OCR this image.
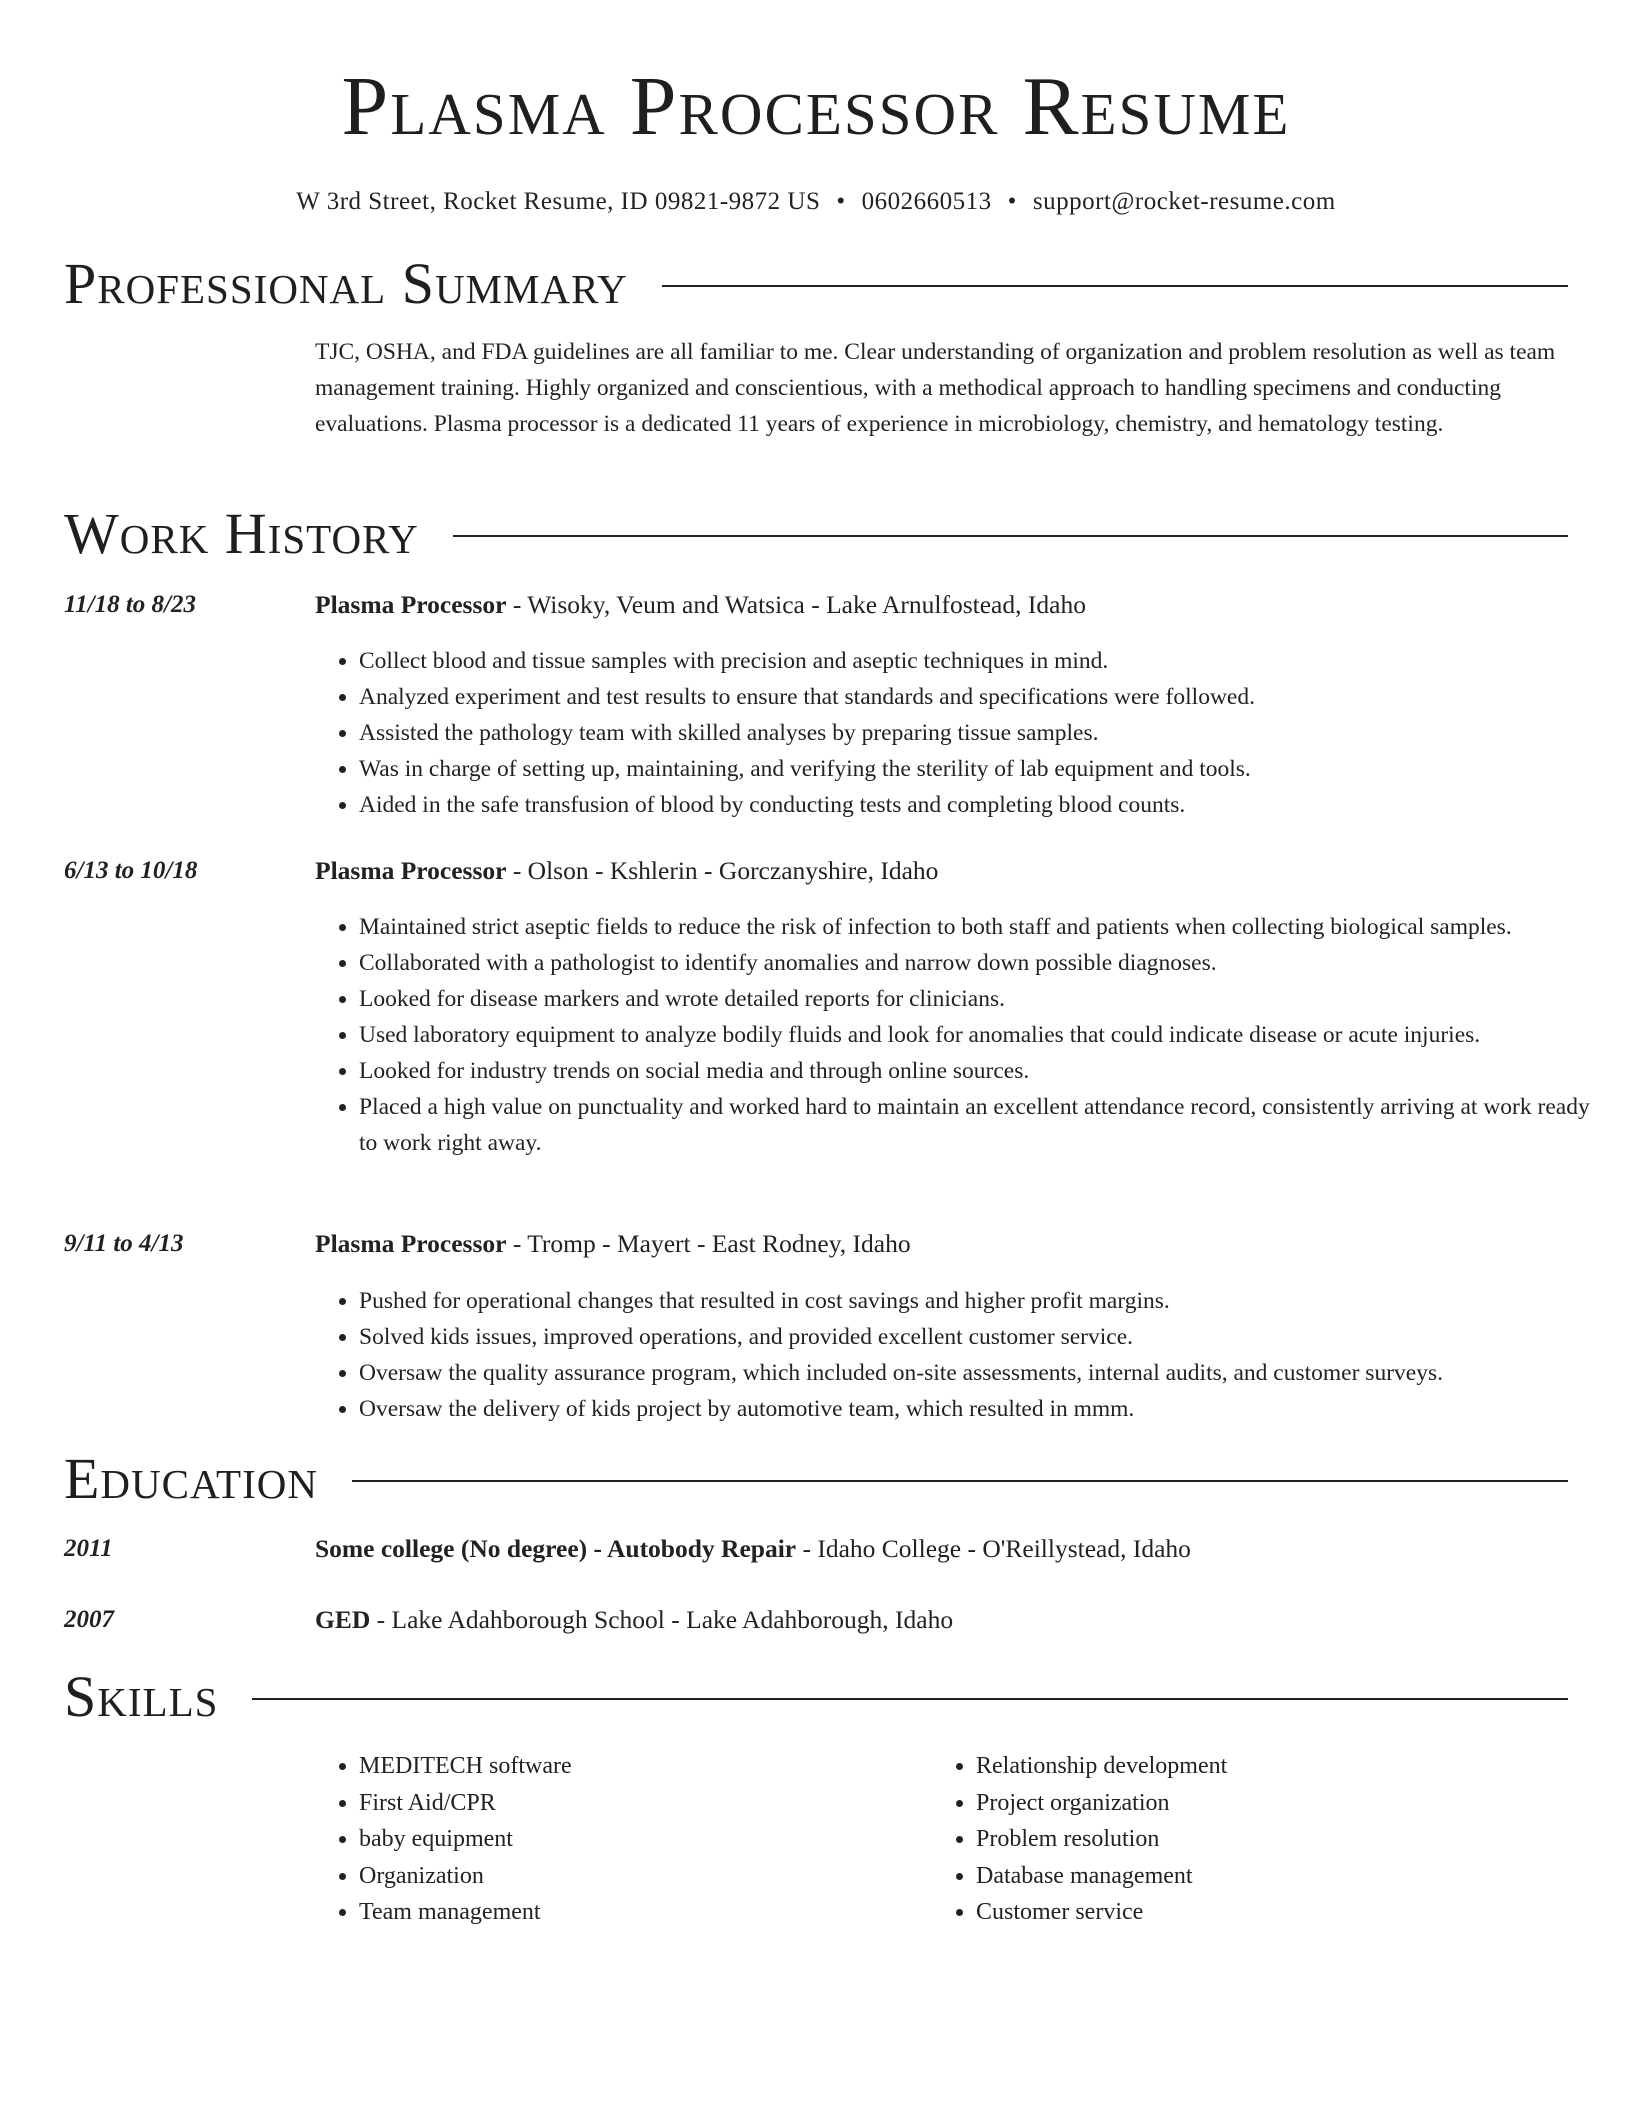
Plasma Processor Resume
W 3rd Street, Rocket Resume, ID 09821-9872 US • 0602660513 • support@rocket-resume.com
Professional Summary

TJC, OSHA, and FDA guidelines are all familiar to me. Clear understanding of organization and problem resolution as well as team management training. Highly organized and conscientious, with a methodical approach to handling specimens and conducting evaluations. Plasma processor is a dedicated 11 years of experience in microbiology, chemistry, and hematology testing.

Work History
11/18 to 8/23	Plasma Processor - Wisoky, Veum and Watsica - Lake Arnulfostead, Idaho
• Collect blood and tissue samples with precision and aseptic techniques in mind.
• Analyzed experiment and test results to ensure that standards and specifications were followed.
• Assisted the pathology team with skilled analyses by preparing tissue samples.
• Was in charge of setting up, maintaining, and verifying the sterility of lab equipment and tools.
• Aided in the safe transfusion of blood by conducting tests and completing blood counts.
6/13 to 10/18	Plasma Processor - Olson - Kshlerin - Gorczanyshire, Idaho
• Maintained strict aseptic fields to reduce the risk of infection to both staff and patients when collecting biological samples.
• Collaborated with a pathologist to identify anomalies and narrow down possible diagnoses.
• Looked for disease markers and wrote detailed reports for clinicians.
• Used laboratory equipment to analyze bodily fluids and look for anomalies that could indicate disease or acute injuries.
• Looked for industry trends on social media and through online sources.
• Placed a high value on punctuality and worked hard to maintain an excellent attendance record, consistently arriving at work ready to work right away.
9/11 to 4/13	Plasma Processor - Tromp - Mayert - East Rodney, Idaho
• Pushed for operational changes that resulted in cost savings and higher profit margins.
• Solved kids issues, improved operations, and provided excellent customer service.
• Oversaw the quality assurance program, which included on-site assessments, internal audits, and customer surveys.
• Oversaw the delivery of kids project by automotive team, which resulted in mmm.
Education
2011	Some college (No degree) - Autobody Repair - Idaho College - O'Reillystead, Idaho
2007	GED - Lake Adahborough School - Lake Adahborough, Idaho
Skills
• MEDITECH software
• First Aid/CPR
• baby equipment
• Organization
• Team management
• Relationship development
• Project organization
• Problem resolution
• Database management
• Customer service
